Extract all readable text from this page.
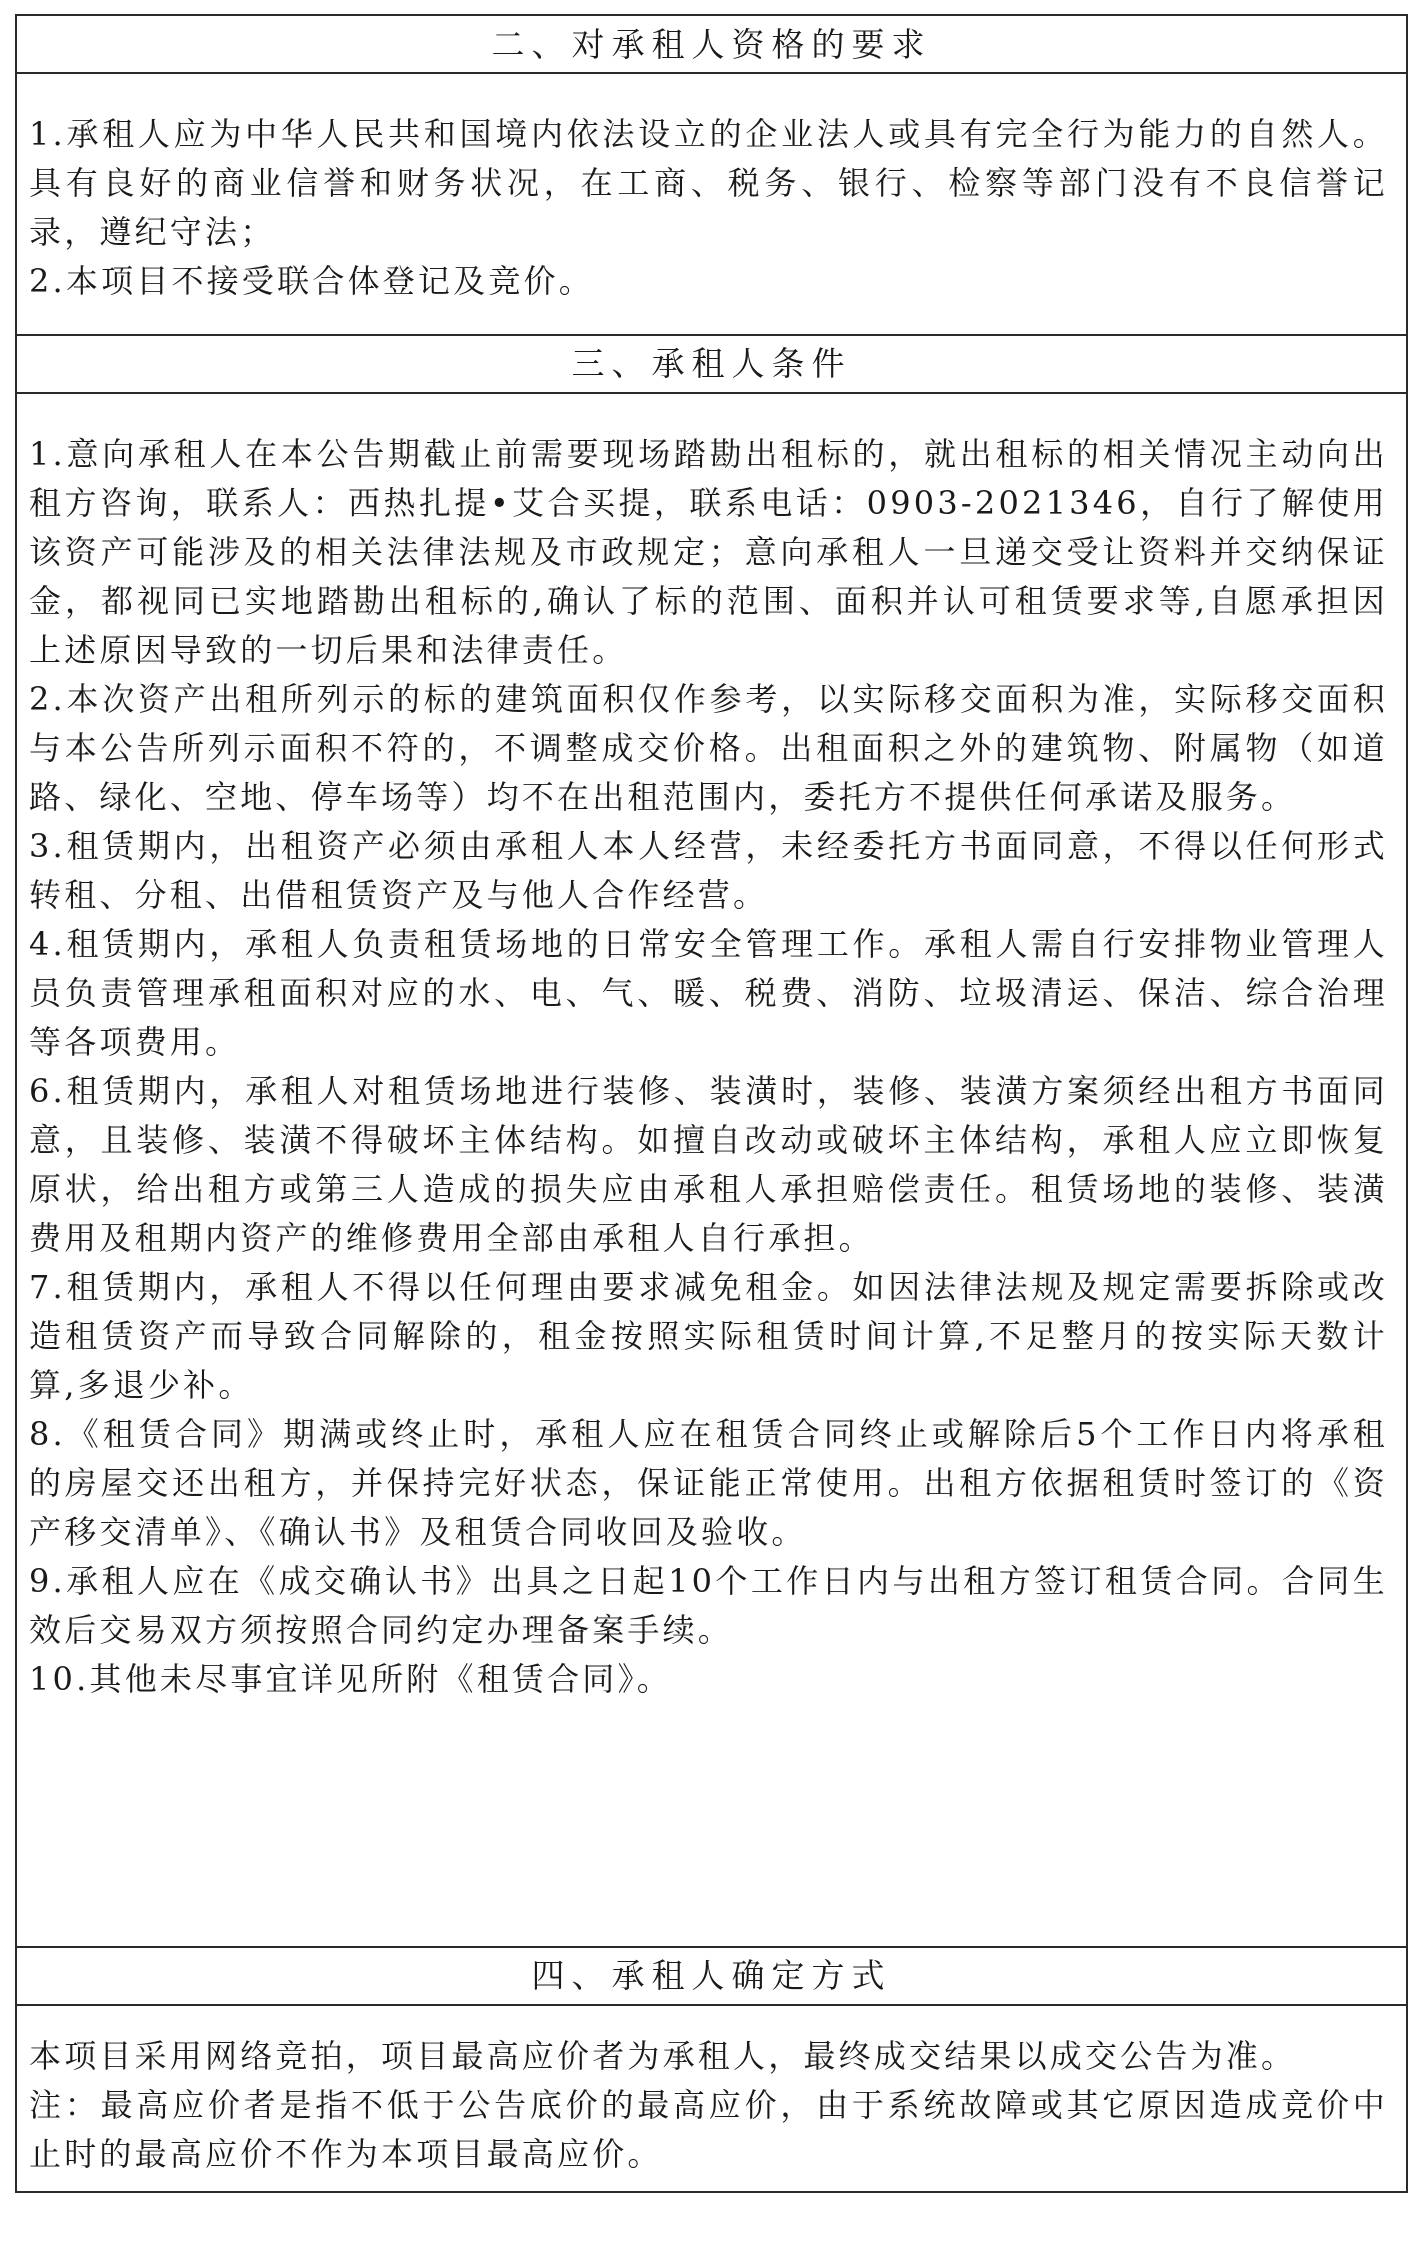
二、对承租人资格的要求

1.承租人应为中华人民共和国境内依法设立的企业法人或具有完全行为能力的自然人。具有良好的商业信誉和财务状况，在工商、税务、银行、检察等部门没有不良信誉记录，遵纪守法；

2.本项目不接受联合体登记及竞价。

三、承租人条件

1.意向承租人在本公告期截止前需要现场踏勘出租标的，就出租标的相关情况主动向出租方咨询，联系人：西热扎提•艾合买提，联系电话：0903-2021346，自行了解使用该资产可能涉及的相关法律法规及市政规定；意向承租人一旦递交受让资料并交纳保证金，都视同已实地踏勘出租标的,确认了标的范围、面积并认可租赁要求等,自愿承担因上述原因导致的一切后果和法律责任。

2.本次资产出租所列示的标的建筑面积仅作参考，以实际移交面积为准，实际移交面积与本公告所列示面积不符的，不调整成交价格。出租面积之外的建筑物、附属物（如道路、绿化、空地、停车场等）均不在出租范围内，委托方不提供任何承诺及服务。

3.租赁期内，出租资产必须由承租人本人经营，未经委托方书面同意，不得以任何形式转租、分租、出借租赁资产及与他人合作经营。

4.租赁期内，承租人负责租赁场地的日常安全管理工作。承租人需自行安排物业管理人员负责管理承租面积对应的水、电、气、暖、税费、消防、垃圾清运、保洁、综合治理等各项费用。

6.租赁期内，承租人对租赁场地进行装修、装潢时，装修、装潢方案须经出租方书面同意，且装修、装潢不得破坏主体结构。如擅自改动或破坏主体结构，承租人应立即恢复原状，给出租方或第三人造成的损失应由承租人承担赔偿责任。租赁场地的装修、装潢费用及租期内资产的维修费用全部由承租人自行承担。

7.租赁期内，承租人不得以任何理由要求减免租金。如因法律法规及规定需要拆除或改造租赁资产而导致合同解除的，租金按照实际租赁时间计算,不足整月的按实际天数计算,多退少补。

8.《租赁合同》期满或终止时，承租人应在租赁合同终止或解除后5个工作日内将承租的房屋交还出租方，并保持完好状态，保证能正常使用。出租方依据租赁时签订的《资产移交清单》、《确认书》及租赁合同收回及验收。

9.承租人应在《成交确认书》出具之日起10个工作日内与出租方签订租赁合同。合同生效后交易双方须按照合同约定办理备案手续。

10.其他未尽事宜详见所附《租赁合同》。

四、承租人确定方式

本项目采用网络竞拍，项目最高应价者为承租人，最终成交结果以成交公告为准。

注：最高应价者是指不低于公告底价的最高应价，由于系统故障或其它原因造成竞价中止时的最高应价不作为本项目最高应价。
